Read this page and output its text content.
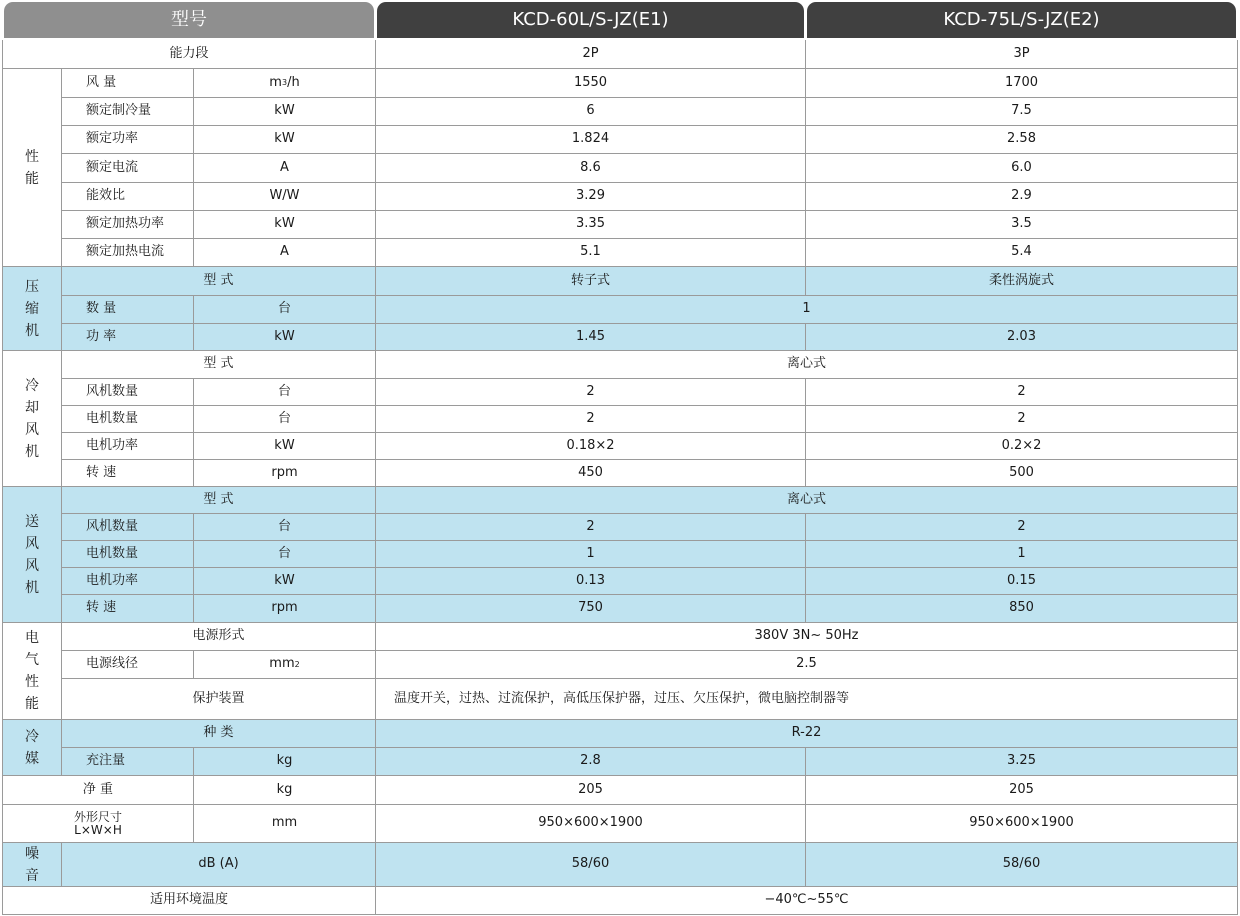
型号	KCD-60L/S-JZ(E1)	KCD-75L/S-JZ(E2)
能力段	2P	3P
性能
风 量	m 3 /h	1550	1700
额定制冷量	kW	6	7.5
额定功率	kW	1.824	2.58
额定电流	A	8.6	6.0
能效比	W/W	3.29	2.9
额定加热功率	kW	3.35	3.5
额定加热电流	A	5.1	5.4
压缩机
型 式	转子式	柔性涡旋式
数 量	台	1
功 率	kW	1.45	2.03
冷却风机
型 式	离心式
风机数量	台	2	2
电机数量	台	2	2
电机功率	kW	0.18×2	0.2×2
转 速	rpm	450	500
送风风机
型 式	离心式
风机数量	台	2	2
电机数量	台	1	1
电机功率	kW	0.13	0.15
转 速	rpm	750	850
电气性能
电源形式	380V 3N~ 50Hz
电源线径	mm 2	2.5
保护装置	温度开关，过热、过流保护，高低压保护器，过压、欠压保护，微电脑控制器等
冷媒
种 类	R-22
充注量	kg	2.8	3.25
净 重	kg	205	205
外形尺寸
L×W×H	mm	950×600×1900	950×600×1900
噪音
dB (A)	58/60	58/60
适用环境温度	−40℃~55℃
